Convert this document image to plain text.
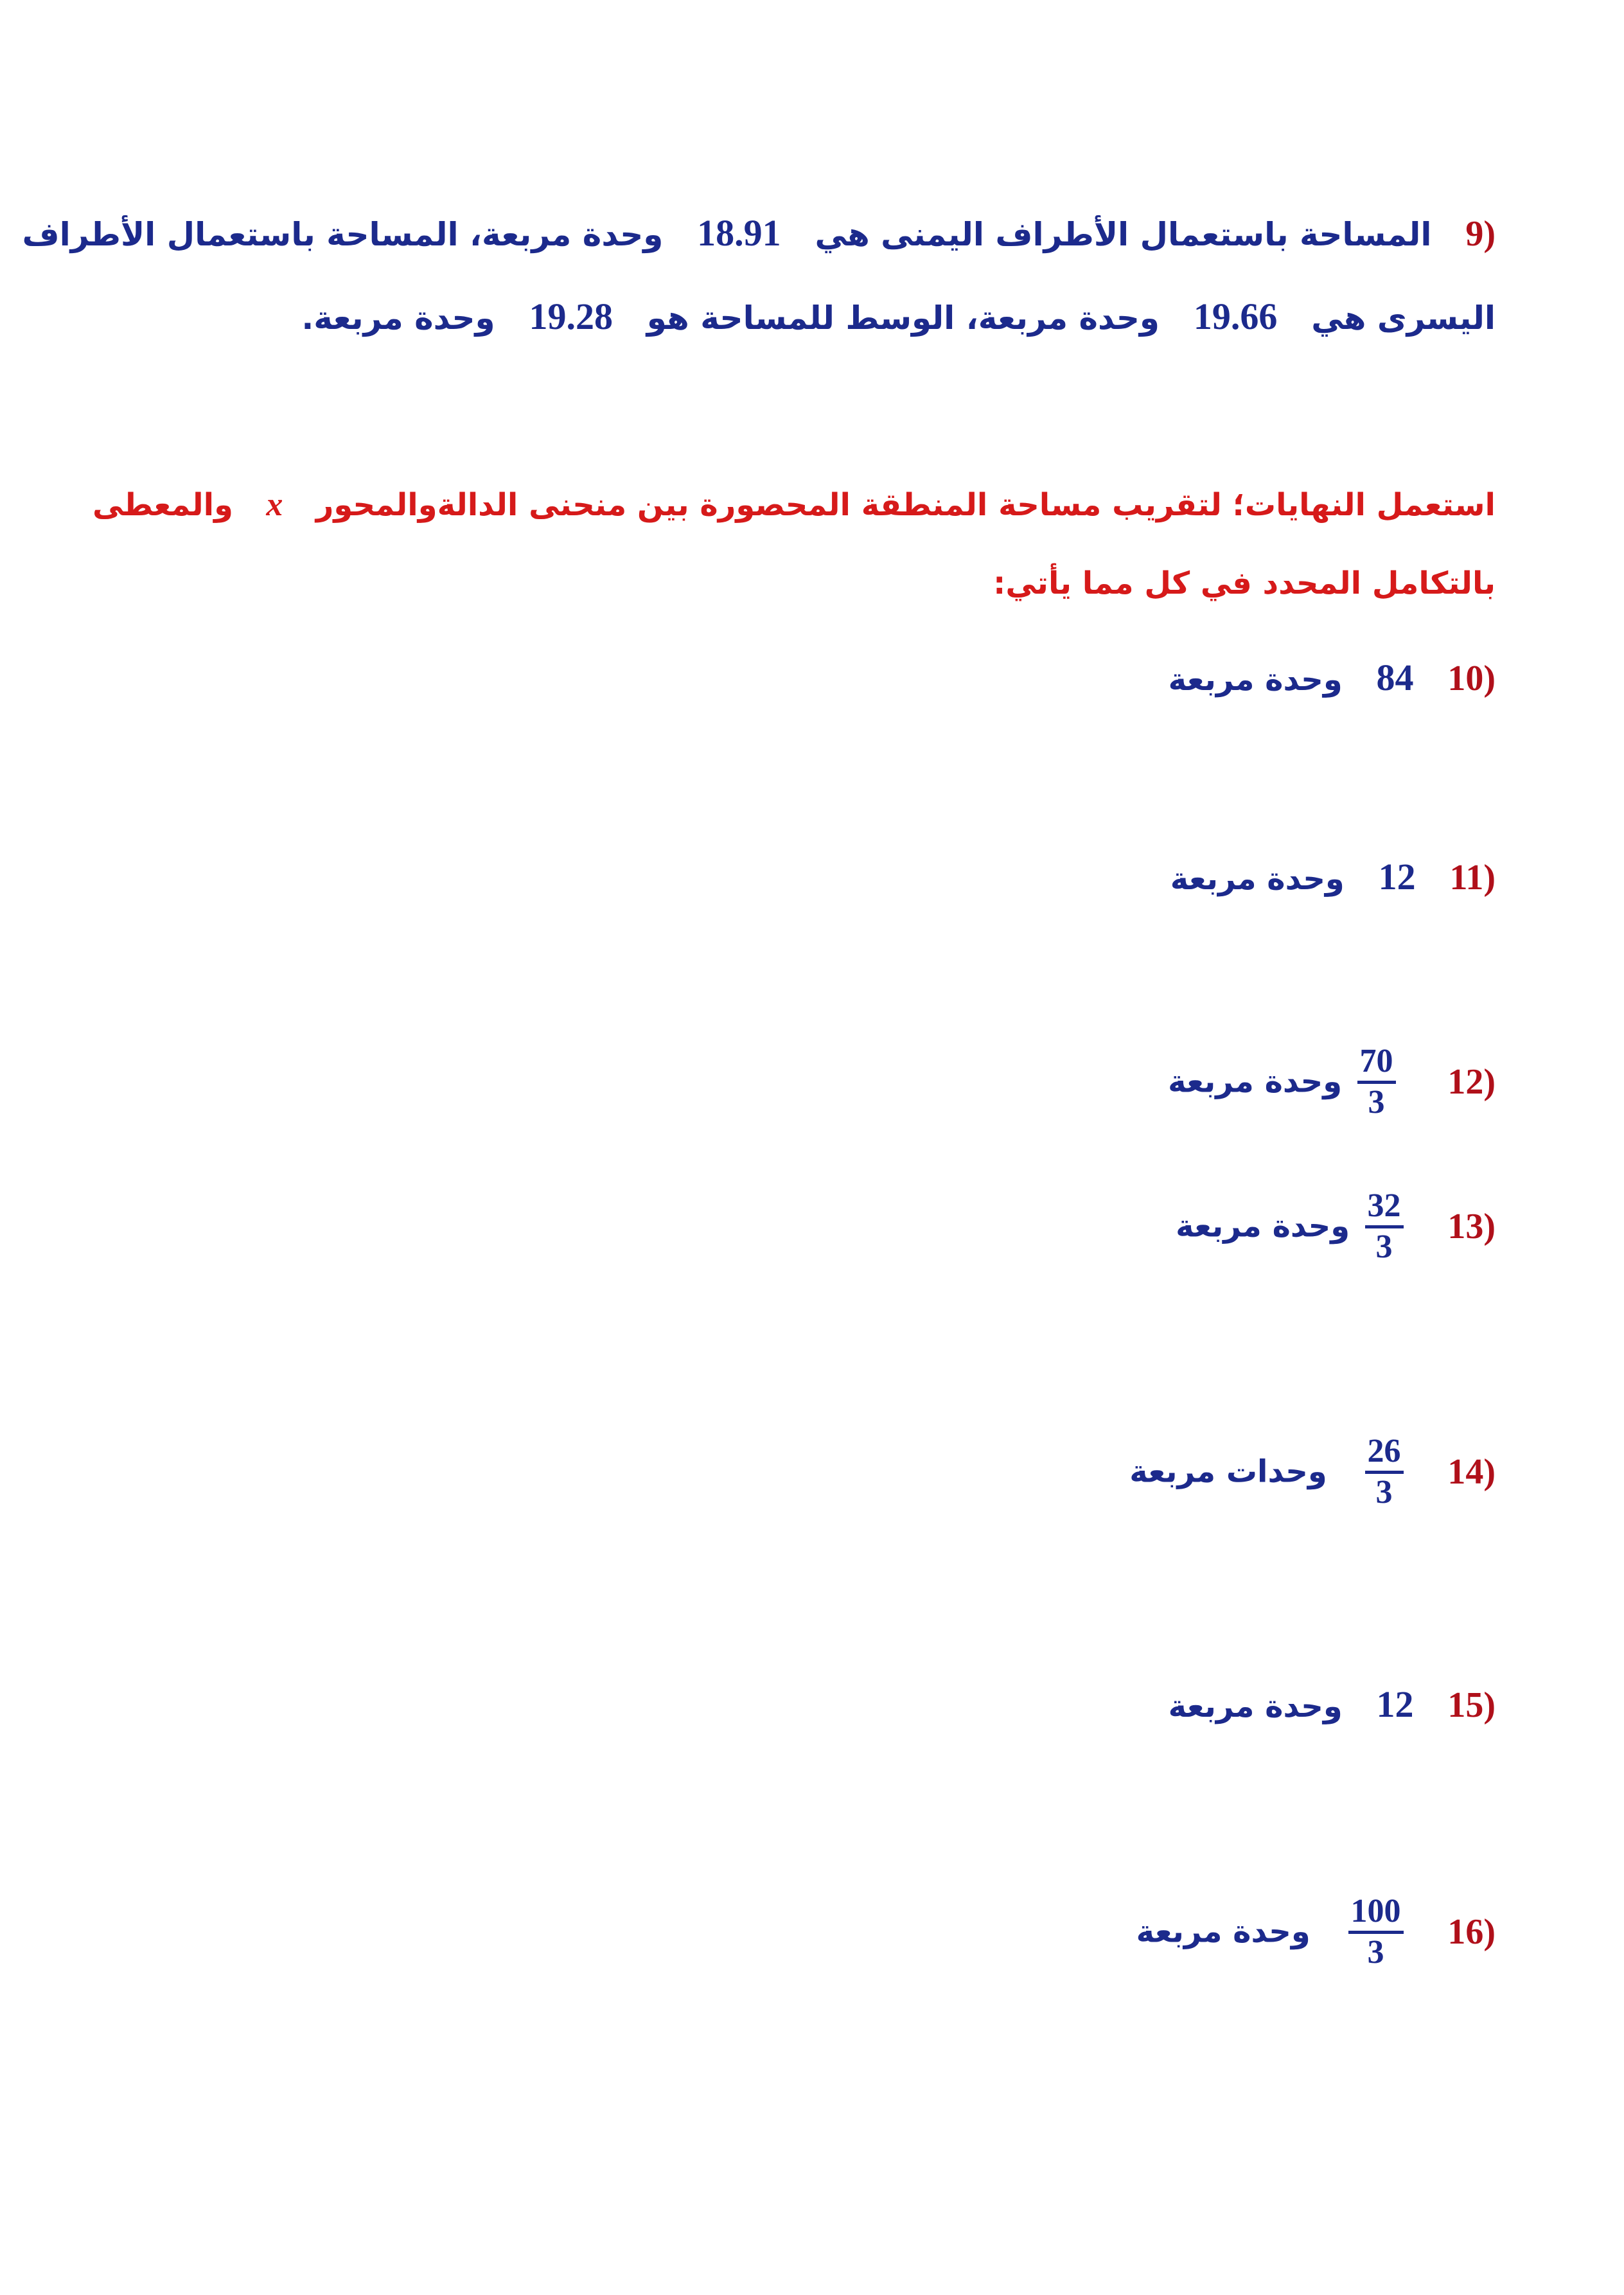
9)  المساحة باستعمال الأطراف اليمنى هي  18.91  وحدة مربعة، المساحة باستعمال الأطراف
اليسرى هي  19.66  وحدة مربعة، الوسط للمساحة هو  19.28  وحدة مربعة.
استعمل النهايات؛ لتقريب مساحة المنطقة المحصورة بين منحنى الدالةوالمحور  x  والمعطى
بالتكامل المحدد في كل مما يأتي:
10)  84  وحدة مربعة
11)  12  وحدة مربعة
12)
$\frac{70}{3}$
وحدة مربعة
13)
$\frac{32}{3}$
وحدة مربعة
14)
$\frac{26}{3}$
وحدات مربعة
15)  12  وحدة مربعة
16)
$\frac{100}{3}$
وحدة مربعة
